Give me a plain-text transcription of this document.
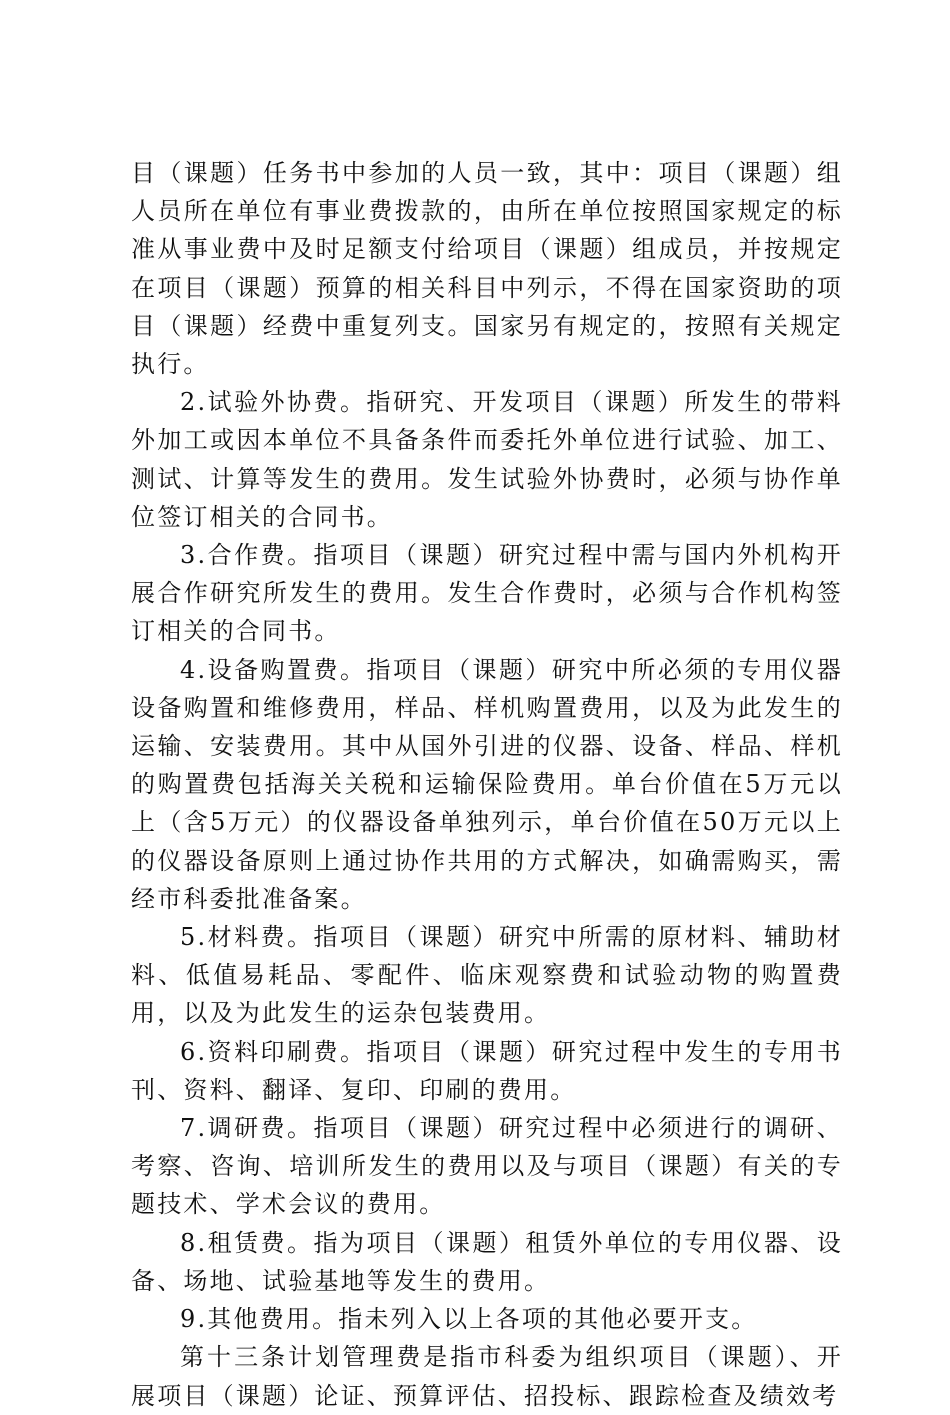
目（课题）任务书中参加的人员一致，其中：项目（课题）组人员所在单位有事业费拨款的，由所在单位按照国家规定的标准从事业费中及时足额支付给项目（课题）组成员，并按规定在项目（课题）预算的相关科目中列示，不得在国家资助的项目（课题）经费中重复列支。国家另有规定的，按照有关规定执行。

2.试验外协费。指研究、开发项目（课题）所发生的带料外加工或因本单位不具备条件而委托外单位进行试验、加工、测试、计算等发生的费用。发生试验外协费时，必须与协作单位签订相关的合同书。

3.合作费。指项目（课题）研究过程中需与国内外机构开展合作研究所发生的费用。发生合作费时，必须与合作机构签订相关的合同书。

4.设备购置费。指项目（课题）研究中所必须的专用仪器设备购置和维修费用，样品、样机购置费用，以及为此发生的运输、安装费用。其中从国外引进的仪器、设备、样品、样机的购置费包括海关关税和运输保险费用。单台价值在5万元以上（含5万元）的仪器设备单独列示，单台价值在50万元以上的仪器设备原则上通过协作共用的方式解决，如确需购买，需经市科委批准备案。

5.材料费。指项目（课题）研究中所需的原材料、辅助材料、低值易耗品、零配件、临床观察费和试验动物的购置费用，以及为此发生的运杂包装费用。

6.资料印刷费。指项目（课题）研究过程中发生的专用书刊、资料、翻译、复印、印刷的费用。

7.调研费。指项目（课题）研究过程中必须进行的调研、考察、咨询、培训所发生的费用以及与项目（课题）有关的专题技术、学术会议的费用。

8.租赁费。指为项目（课题）租赁外单位的专用仪器、设备、场地、试验基地等发生的费用。

9.其他费用。指未列入以上各项的其他必要开支。

第十三条计划管理费是指市科委为组织项目（课题）、开展项目（课题）论证、预算评估、招投标、跟踪检查及绩效考
